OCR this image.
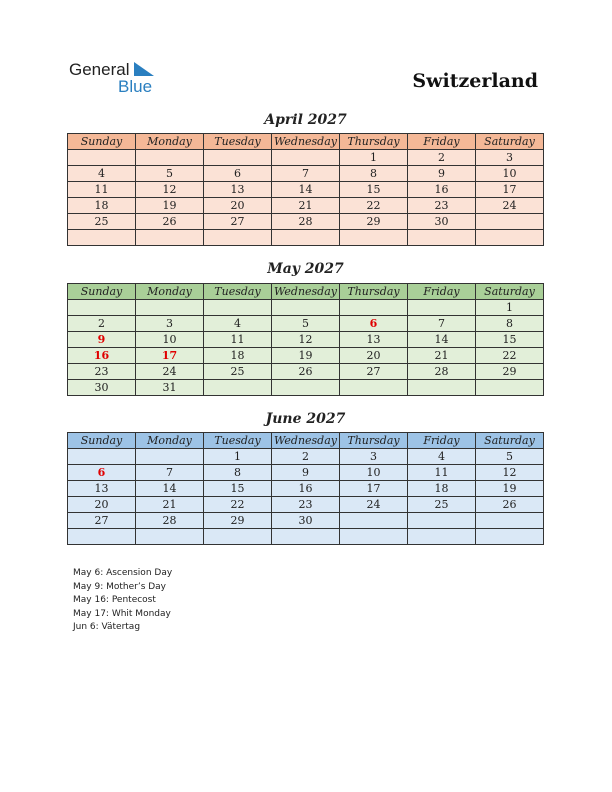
General
Blue	Switzerland
April 2027
Sunday	Monday	Tuesday	Wednesday	Thursday	Friday	Saturday
				1	2	3
4	5	6	7	8	9	10
11	12	13	14	15	16	17
18	19	20	21	22	23	24
25	26	27	28	29	30	

May 2027
Sunday	Monday	Tuesday	Wednesday	Thursday	Friday	Saturday
						1
2	3	4	5	6	7	8
9	10	11	12	13	14	15
16	17	18	19	20	21	22
23	24	25	26	27	28	29
30	31					
June 2027
Sunday	Monday	Tuesday	Wednesday	Thursday	Friday	Saturday
		1	2	3	4	5
6	7	8	9	10	11	12
13	14	15	16	17	18	19
20	21	22	23	24	25	26
27	28	29	30			

May 6: Ascension Day
May 9: Mother’s Day
May 16: Pentecost
May 17: Whit Monday
Jun 6: Vätertag
